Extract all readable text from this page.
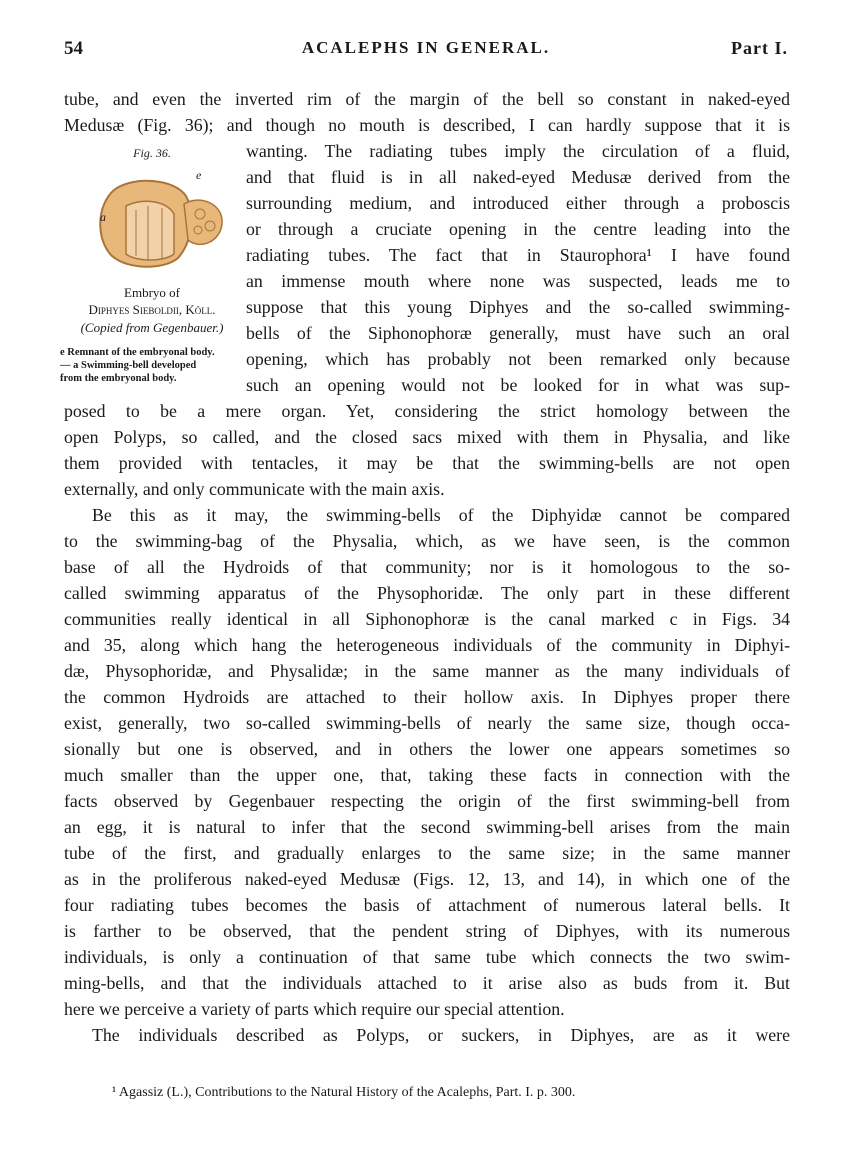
54	ACALEPHS IN GENERAL.	Part I.
Fig. 36.
e
a
Embryo of
Diphyes Sieboldii, Köll.
(Copied from Gegenbauer.)
e Remnant of the embryonal body.
— a Swimming-bell developed
from the embryonal body.
tube, and even the inverted rim of the margin of the bell so constant in naked-eyed
Medusæ (Fig. 36); and though no mouth is described, I can hardly suppose that it is
wanting. The radiating tubes imply the circulation of a fluid,
and that fluid is in all naked-eyed Medusæ derived from the
surrounding medium, and introduced either through a proboscis
or through a cruciate opening in the centre leading into the
radiating tubes. The fact that in Staurophora¹ I have found
an immense mouth where none was suspected, leads me to
suppose that this young Diphyes and the so-called swimming-
bells of the Siphonophoræ generally, must have such an oral
opening, which has probably not been remarked only because
such an opening would not be looked for in what was sup-
posed to be a mere organ. Yet, considering the strict homology between the
open Polyps, so called, and the closed sacs mixed with them in Physalia, and like
them provided with tentacles, it may be that the swimming-bells are not open
externally, and only communicate with the main axis.
Be this as it may, the swimming-bells of the Diphyidæ cannot be compared
to the swimming-bag of the Physalia, which, as we have seen, is the common
base of all the Hydroids of that community; nor is it homologous to the so-
called swimming apparatus of the Physophoridæ. The only part in these different
communities really identical in all Siphonophoræ is the canal marked c in Figs. 34
and 35, along which hang the heterogeneous individuals of the community in Diphyi-
dæ, Physophoridæ, and Physalidæ; in the same manner as the many individuals of
the common Hydroids are attached to their hollow axis. In Diphyes proper there
exist, generally, two so-called swimming-bells of nearly the same size, though occa-
sionally but one is observed, and in others the lower one appears sometimes so
much smaller than the upper one, that, taking these facts in connection with the
facts observed by Gegenbauer respecting the origin of the first swimming-bell from
an egg, it is natural to infer that the second swimming-bell arises from the main
tube of the first, and gradually enlarges to the same size; in the same manner
as in the proliferous naked-eyed Medusæ (Figs. 12, 13, and 14), in which one of the
four radiating tubes becomes the basis of attachment of numerous lateral bells. It
is farther to be observed, that the pendent string of Diphyes, with its numerous
individuals, is only a continuation of that same tube which connects the two swim-
ming-bells, and that the individuals attached to it arise also as buds from it. But
here we perceive a variety of parts which require our special attention.
The individuals described as Polyps, or suckers, in Diphyes, are as it were
¹ Agassiz (L.), Contributions to the Natural History of the Acalephs, Part. I. p. 300.
